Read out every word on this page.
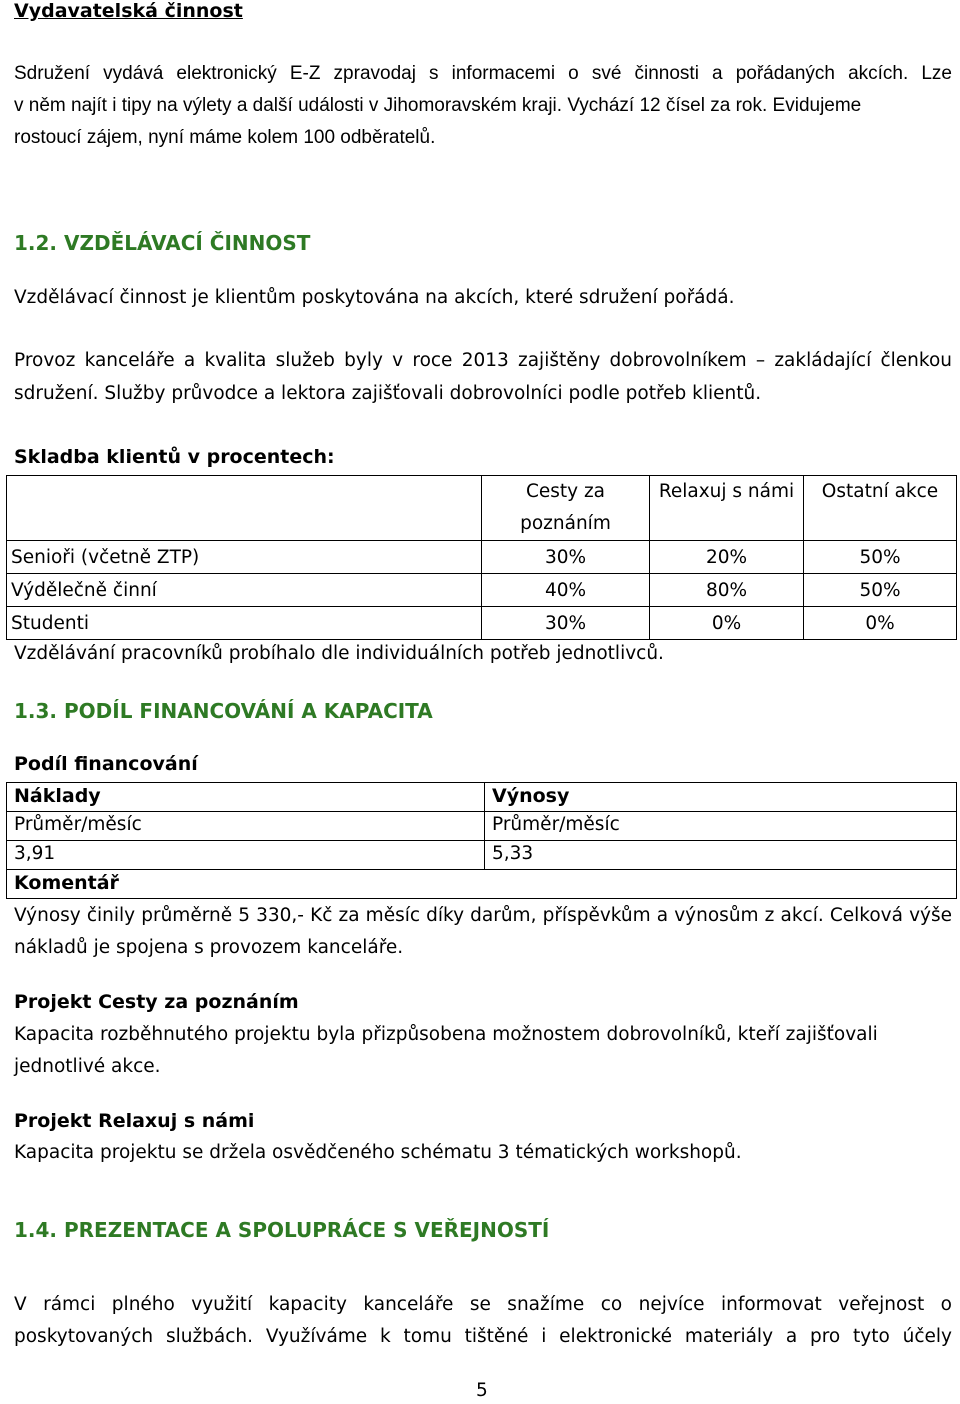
Vydavatelská činnost
Sdružení vydává elektronický E-Z zpravodaj s informacemi o své činnosti a pořádaných akcích. Lze
v něm najít i tipy na výlety a další události v Jihomoravském kraji. Vychází 12 čísel za rok. Evidujeme
rostoucí zájem, nyní máme kolem 100 odběratelů.
1.2. VZDĚLÁVACÍ ČINNOST
Vzdělávací činnost je klientům poskytována na akcích, které sdružení pořádá.
Provoz kanceláře a kvalita služeb byly v roce 2013 zajištěny dobrovolníkem – zakládající členkou
sdružení. Služby průvodce a lektora zajišťovali dobrovolníci podle potřeb klientů.
Skladba klientů v procentech:
	Cesty za
poznáním	Relaxuj s námi	Ostatní akce
Senioři (včetně ZTP)	30%	20%	50%
Výdělečně činní	40%	80%	50%
Studenti	30%	0%	0%
Vzdělávání pracovníků probíhalo dle individuálních potřeb jednotlivců.
1.3. PODÍL FINANCOVÁNÍ A KAPACITA
Podíl financování
Náklady	Výnosy
Průměr/měsíc	Průměr/měsíc
3,91	5,33
Komentář
Výnosy činily průměrně 5 330,- Kč za měsíc díky darům, příspěvkům a výnosům z akcí. Celková výše
nákladů je spojena s provozem kanceláře.
Projekt Cesty za poznáním
Kapacita rozběhnutého projektu byla přizpůsobena možnostem dobrovolníků, kteří zajišťovali
jednotlivé akce.
Projekt Relaxuj s námi
Kapacita projektu se držela osvědčeného schématu 3 tématických workshopů.
1.4. PREZENTACE A SPOLUPRÁCE S VEŘEJNOSTÍ
V rámci plného využití kapacity kanceláře se snažíme co nejvíce informovat veřejnost o
poskytovaných službách. Využíváme k tomu tištěné i elektronické materiály a pro tyto účely
5
